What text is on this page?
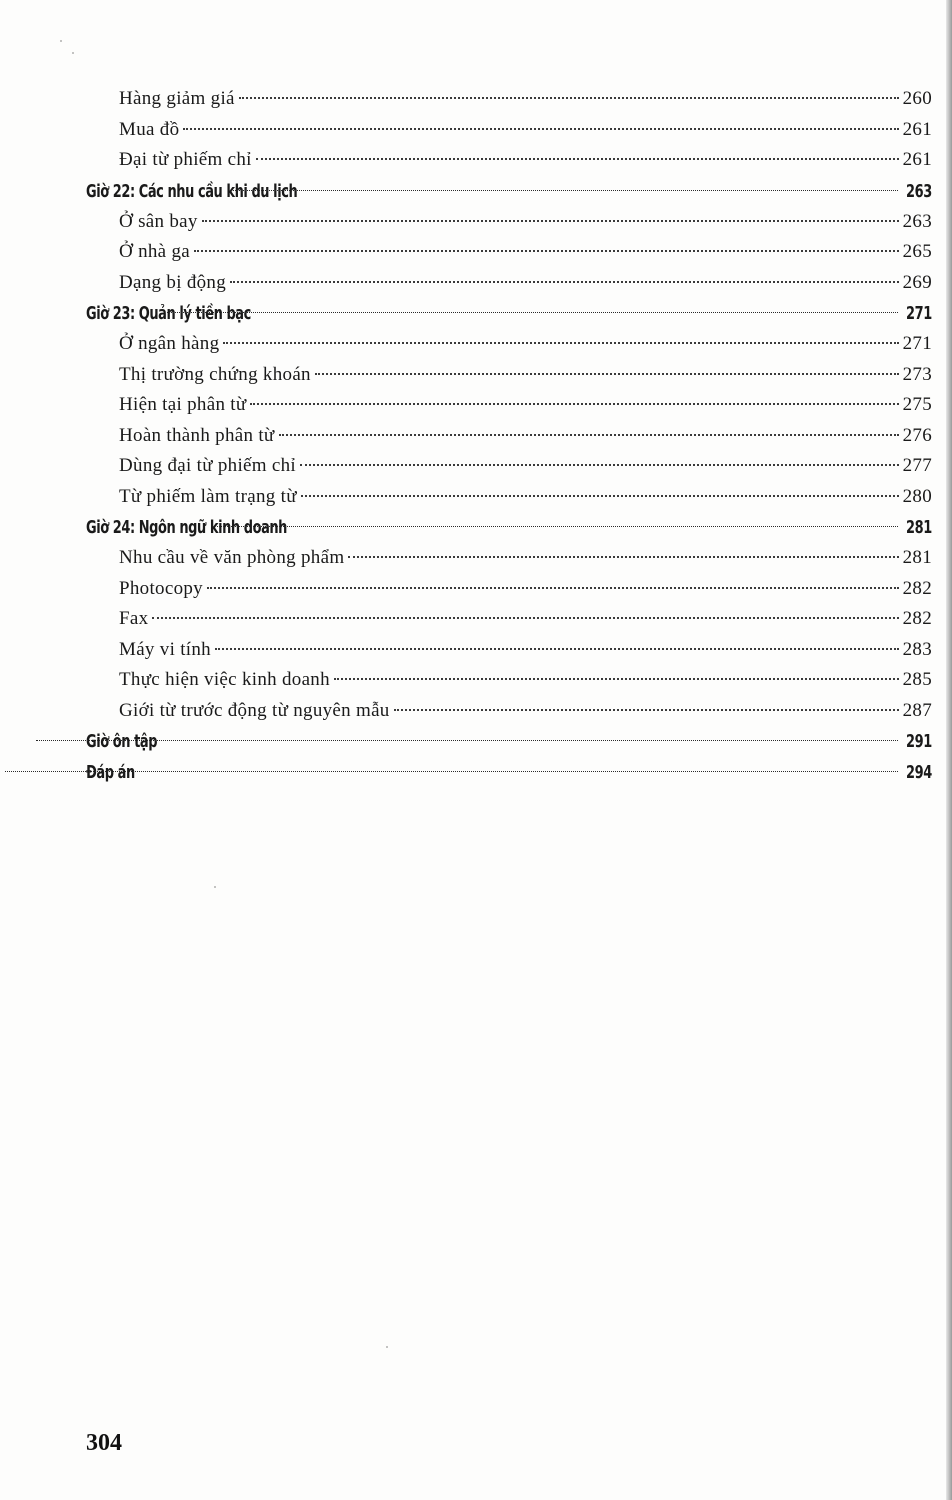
Hàng giảm giá	260
Mua đồ	261
Đại từ phiếm chỉ	261
Giờ 22: Các nhu cầu khi du lịch	263
Ở sân bay	263
Ở nhà ga	265
Dạng bị động	269
Giờ 23: Quản lý tiền bạc	271
Ở ngân hàng	271
Thị trường chứng khoán	273
Hiện tại phân từ	275
Hoàn thành phân từ	276
Dùng đại từ phiếm chỉ	277
Từ phiếm làm trạng từ	280
Giờ 24: Ngôn ngữ kinh doanh	281
Nhu cầu về văn phòng phẩm	281
Photocopy	282
Fax	282
Máy vi tính	283
Thực hiện việc kinh doanh	285
Giới từ trước động từ nguyên mẫu	287
Giờ ôn tập	291
Đáp án	294
304
